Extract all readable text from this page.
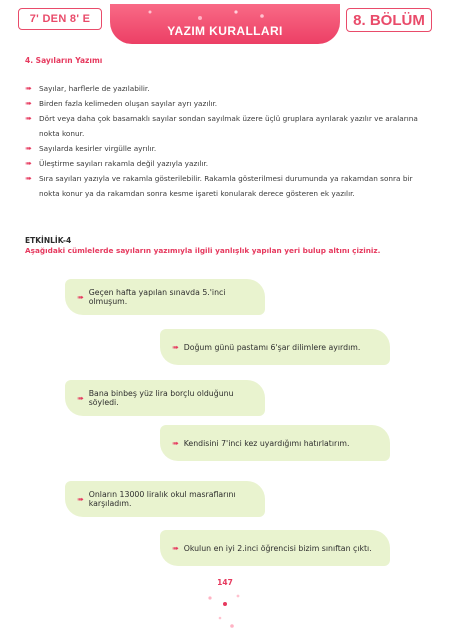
7' DEN 8' E
YAZIM KURALLARI
8. BÖLÜM
4. Sayıların Yazımı
➠ Sayılar, harflerle de yazılabilir.
➠ Birden fazla kelimeden oluşan sayılar ayrı yazılır.
➠ Dört veya daha çok basamaklı sayılar sondan sayılmak üzere üçlü gruplara ayrılarak yazılır ve aralarına
nokta konur.
➠ Sayılarda kesirler virgülle ayrılır.
➠ Üleştirme sayıları rakamla değil yazıyla yazılır.
➠ Sıra sayıları yazıyla ve rakamla gösterilebilir. Rakamla gösterilmesi durumunda ya rakamdan sonra bir
nokta konur ya da rakamdan sonra kesme işareti konularak derece gösteren ek yazılır.
ETKİNLİK-4
Aşağıdaki cümlelerde sayıların yazımıyla ilgili yanlışlık yapılan yeri bulup altını çiziniz.
➠ Geçen hafta yapılan sınavda 5.'inci olmuşum.
➠ Doğum günü pastamı 6'şar dilimlere ayırdım.
➠ Bana binbeş yüz lira borçlu olduğunu söyledi.
➠ Kendisini 7'inci kez uyardığımı hatırlatırım.
➠ Onların 13000 liralık okul masraflarını karşıladım.
➠ Okulun en iyi 2.inci öğrencisi bizim sınıftan çıktı.
147
